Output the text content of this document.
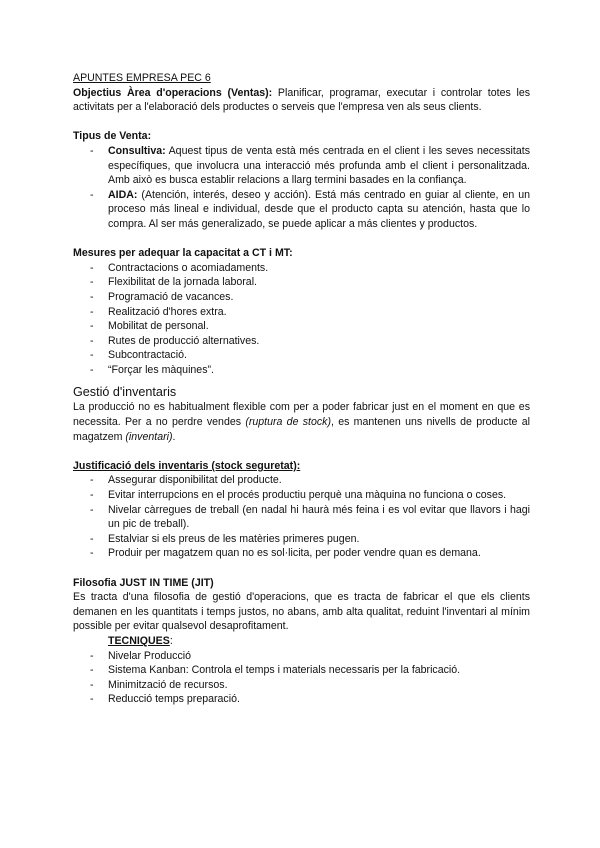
APUNTES EMPRESA PEC 6

Objectius Àrea d'operacions (Ventas): Planificar, programar, executar i controlar totes les activitats per a l'elaboració dels productes o serveis que l'empresa ven als seus clients.

Tipus de Venta:

- Consultiva: Aquest tipus de venta està més centrada en el client i les seves necessitats específiques, que involucra una interacció més profunda amb el client i personalitzada. Amb això es busca establir relacions a llarg termini basades en la confiança.
- AIDA: (Atención, interés, deseo y acción). Está más centrado en guiar al cliente, en un proceso más lineal e individual, desde que el producto capta su atención, hasta que lo compra. Al ser más generalizado, se puede aplicar a más clientes y productos.

Mesures per adequar la capacitat a CT i MT:

- Contractacions o acomiadaments.
- Flexibilitat de la jornada laboral.
- Programació de vacances.
- Realització d'hores extra.
- Mobilitat de personal.
- Rutes de producció alternatives.
- Subcontractació.
- “Forçar les màquines”.
Gestió d'inventaris

La producció no es habitualment flexible com per a poder fabricar just en el moment en que es necessita. Per a no perdre vendes (ruptura de stock), es mantenen uns nivells de producte al magatzem (inventari).

Justificació dels inventaris (stock seguretat):

- Assegurar disponibilitat del producte.
- Evitar interrupcions en el procés productiu perquè una màquina no funciona o coses.
- Nivelar càrregues de treball (en nadal hi haurà més feina i es vol evitar que llavors i hagi un pic de treball).
- Estalviar si els preus de les matèries primeres pugen.
- Produir per magatzem quan no es sol·licita, per poder vendre quan es demana.

Filosofia JUST IN TIME (JIT)

Es tracta d'una filosofia de gestió d'operacions, que es tracta de fabricar el que els clients demanen en les quantitats i temps justos, no abans, amb alta qualitat, reduint l'inventari al mínim possible per evitar qualsevol desaprofitament.

TECNIQUES:

- Nivelar Producció
- Sistema Kanban: Controla el temps i materials necessaris per la fabricació.
- Minimització de recursos.
- Reducció temps preparació.
